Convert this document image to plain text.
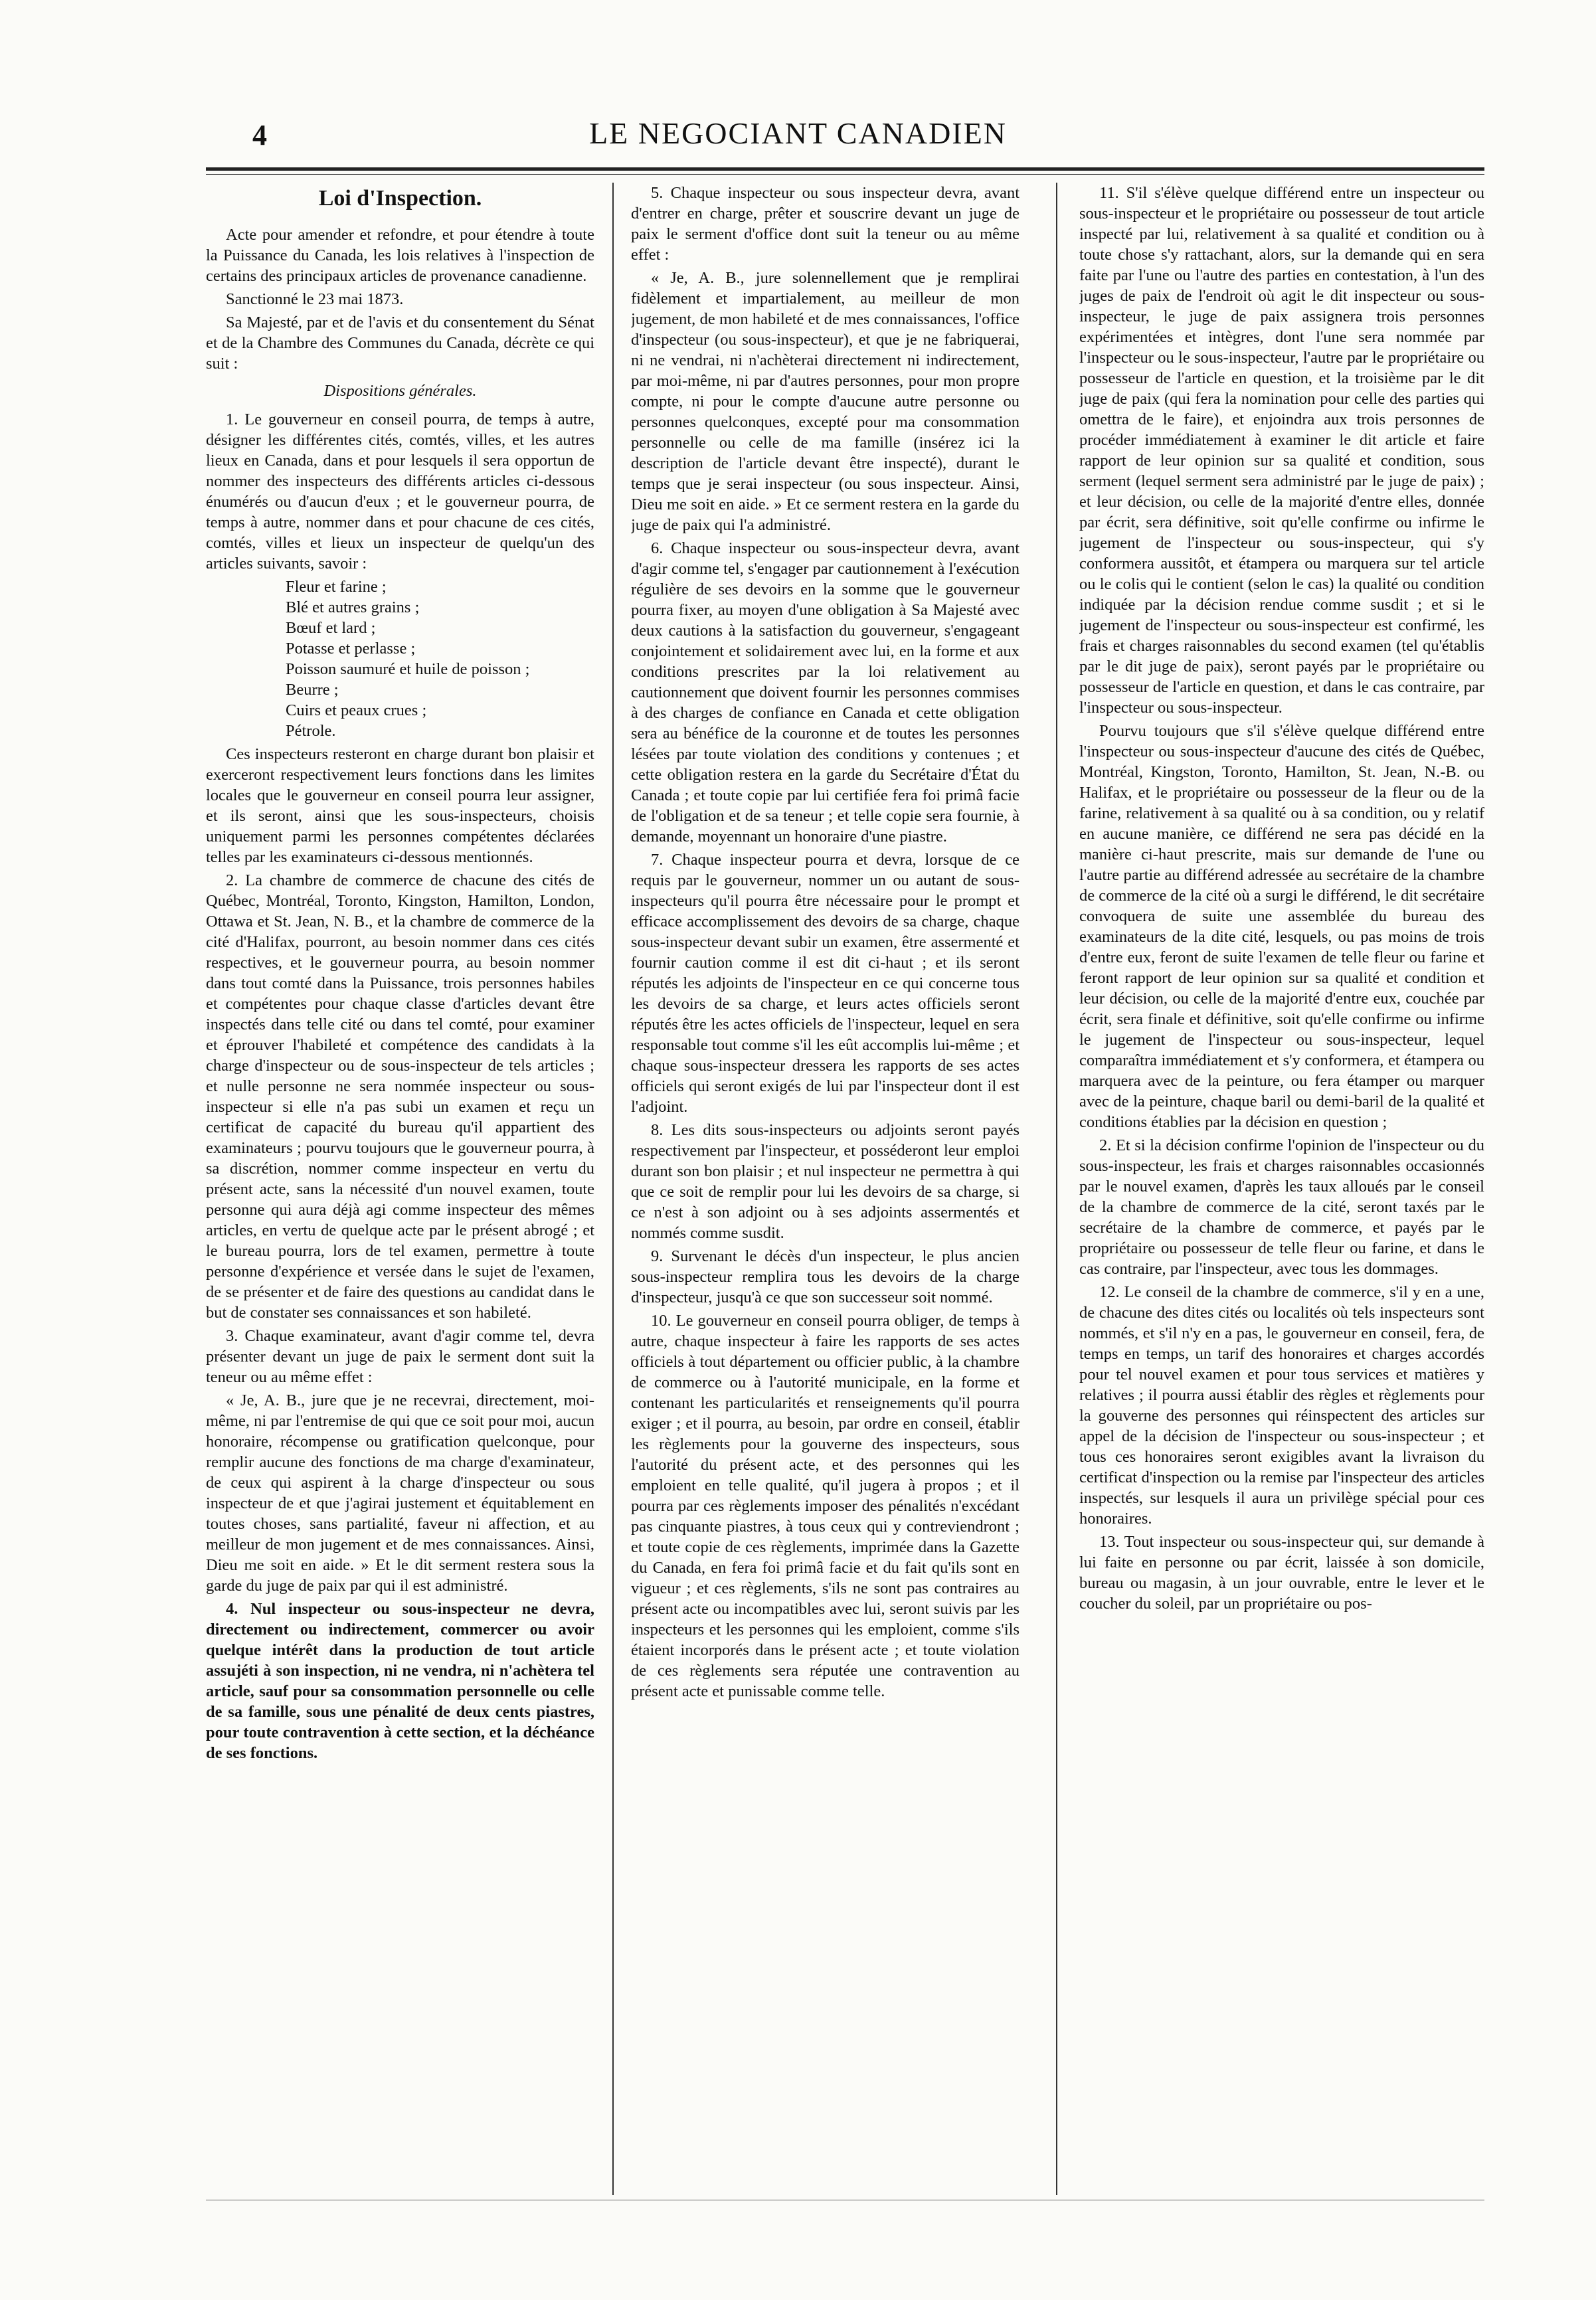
4	LE NEGOCIANT CANADIEN
Loi d'Inspection.

Acte pour amender et refondre, et pour étendre à toute la Puissance du Canada, les lois relatives à l'inspection de certains des principaux articles de provenance canadienne.

Sanctionné le 23 mai 1873.

Sa Majesté, par et de l'avis et du consentement du Sénat et de la Chambre des Communes du Canada, décrète ce qui suit :

Dispositions générales.

1. Le gouverneur en conseil pourra, de temps à autre, désigner les différentes cités, comtés, villes, et les autres lieux en Canada, dans et pour lesquels il sera opportun de nommer des inspecteurs des différents articles ci-dessous énumérés ou d'aucun d'eux ; et le gouverneur pourra, de temps à autre, nommer dans et pour chacune de ces cités, comtés, villes et lieux un inspecteur de quelqu'un des articles suivants, savoir :

Fleur et farine ;
Blé et autres grains ;
Bœuf et lard ;
Potasse et perlasse ;
Poisson saumuré et huile de poisson ;
Beurre ;
Cuirs et peaux crues ;
Pétrole.

Ces inspecteurs resteront en charge durant bon plaisir et exerceront respectivement leurs fonctions dans les limites locales que le gouverneur en conseil pourra leur assigner, et ils seront, ainsi que les sous-inspecteurs, choisis uniquement parmi les personnes compétentes déclarées telles par les examinateurs ci-dessous mentionnés.

2. La chambre de commerce de chacune des cités de Québec, Montréal, Toronto, Kingston, Hamilton, London, Ottawa et St. Jean, N. B., et la chambre de commerce de la cité d'Halifax, pourront, au besoin nommer dans ces cités respectives, et le gouverneur pourra, au besoin nommer dans tout comté dans la Puissance, trois personnes habiles et compétentes pour chaque classe d'articles devant être inspectés dans telle cité ou dans tel comté, pour examiner et éprouver l'habileté et compétence des candidats à la charge d'inspecteur ou de sous-inspecteur de tels articles ; et nulle personne ne sera nommée inspecteur ou sous-inspecteur si elle n'a pas subi un examen et reçu un certificat de capacité du bureau qu'il appartient des examinateurs ; pourvu toujours que le gouverneur pourra, à sa discrétion, nommer comme inspecteur en vertu du présent acte, sans la nécessité d'un nouvel examen, toute personne qui aura déjà agi comme inspecteur des mêmes articles, en vertu de quelque acte par le présent abrogé ; et le bureau pourra, lors de tel examen, permettre à toute personne d'expérience et versée dans le sujet de l'examen, de se présenter et de faire des questions au candidat dans le but de constater ses connaissances et son habileté.

3. Chaque examinateur, avant d'agir comme tel, devra présenter devant un juge de paix le serment dont suit la teneur ou au même effet :

« Je, A. B., jure que je ne recevrai, directement, moi-même, ni par l'entremise de qui que ce soit pour moi, aucun honoraire, récompense ou gratification quelconque, pour remplir aucune des fonctions de ma charge d'examinateur, de ceux qui aspirent à la charge d'inspecteur ou sous inspecteur de et que j'agirai justement et équitablement en toutes choses, sans partialité, faveur ni affection, et au meilleur de mon jugement et de mes connaissances. Ainsi, Dieu me soit en aide. » Et le dit serment restera sous la garde du juge de paix par qui il est administré.

4. Nul inspecteur ou sous-inspecteur ne devra, directement ou indirectement, commercer ou avoir quelque intérêt dans la production de tout article assujéti à son inspection, ni ne vendra, ni n'achètera tel article, sauf pour sa consommation personnelle ou celle de sa famille, sous une pénalité de deux cents piastres, pour toute contravention à cette section, et la déchéance de ses fonctions.

5. Chaque inspecteur ou sous inspecteur devra, avant d'entrer en charge, prêter et souscrire devant un juge de paix le serment d'office dont suit la teneur ou au même effet :

« Je, A. B., jure solennellement que je remplirai fidèlement et impartialement, au meilleur de mon jugement, de mon habileté et de mes connaissances, l'office d'inspecteur (ou sous-inspecteur), et que je ne fabriquerai, ni ne vendrai, ni n'achèterai directement ni indirectement, par moi-même, ni par d'autres personnes, pour mon propre compte, ni pour le compte d'aucune autre personne ou personnes quelconques, excepté pour ma consommation personnelle ou celle de ma famille (insérez ici la description de l'article devant être inspecté), durant le temps que je serai inspecteur (ou sous inspecteur. Ainsi, Dieu me soit en aide. » Et ce serment restera en la garde du juge de paix qui l'a administré.

6. Chaque inspecteur ou sous-inspecteur devra, avant d'agir comme tel, s'engager par cautionnement à l'exécution régulière de ses devoirs en la somme que le gouverneur pourra fixer, au moyen d'une obligation à Sa Majesté avec deux cautions à la satisfaction du gouverneur, s'engageant conjointement et solidairement avec lui, en la forme et aux conditions prescrites par la loi relativement au cautionnement que doivent fournir les personnes commises à des charges de confiance en Canada et cette obligation sera au bénéfice de la couronne et de toutes les personnes lésées par toute violation des conditions y contenues ; et cette obligation restera en la garde du Secrétaire d'État du Canada ; et toute copie par lui certifiée fera foi primâ facie de l'obligation et de sa teneur ; et telle copie sera fournie, à demande, moyennant un honoraire d'une piastre.

7. Chaque inspecteur pourra et devra, lorsque de ce requis par le gouverneur, nommer un ou autant de sous-inspecteurs qu'il pourra être nécessaire pour le prompt et efficace accomplissement des devoirs de sa charge, chaque sous-inspecteur devant subir un examen, être assermenté et fournir caution comme il est dit ci-haut ; et ils seront réputés les adjoints de l'inspecteur en ce qui concerne tous les devoirs de sa charge, et leurs actes officiels seront réputés être les actes officiels de l'inspecteur, lequel en sera responsable tout comme s'il les eût accomplis lui-même ; et chaque sous-inspecteur dressera les rapports de ses actes officiels qui seront exigés de lui par l'inspecteur dont il est l'adjoint.

8. Les dits sous-inspecteurs ou adjoints seront payés respectivement par l'inspecteur, et posséderont leur emploi durant son bon plaisir ; et nul inspecteur ne permettra à qui que ce soit de remplir pour lui les devoirs de sa charge, si ce n'est à son adjoint ou à ses adjoints assermentés et nommés comme susdit.

9. Survenant le décès d'un inspecteur, le plus ancien sous-inspecteur remplira tous les devoirs de la charge d'inspecteur, jusqu'à ce que son successeur soit nommé.

10. Le gouverneur en conseil pourra obliger, de temps à autre, chaque inspecteur à faire les rapports de ses actes officiels à tout département ou officier public, à la chambre de commerce ou à l'autorité municipale, en la forme et contenant les particularités et renseignements qu'il pourra exiger ; et il pourra, au besoin, par ordre en conseil, établir les règlements pour la gouverne des inspecteurs, sous l'autorité du présent acte, et des personnes qui les emploient en telle qualité, qu'il jugera à propos ; et il pourra par ces règlements imposer des pénalités n'excédant pas cinquante piastres, à tous ceux qui y contreviendront ; et toute copie de ces règlements, imprimée dans la Gazette du Canada, en fera foi primâ facie et du fait qu'ils sont en vigueur ; et ces règlements, s'ils ne sont pas contraires au présent acte ou incompatibles avec lui, seront suivis par les inspecteurs et les personnes qui les emploient, comme s'ils étaient incorporés dans le présent acte ; et toute violation de ces règlements sera réputée une contravention au présent acte et punissable comme telle.

11. S'il s'élève quelque différend entre un inspecteur ou sous-inspecteur et le propriétaire ou possesseur de tout article inspecté par lui, relativement à sa qualité et condition ou à toute chose s'y rattachant, alors, sur la demande qui en sera faite par l'une ou l'autre des parties en contestation, à l'un des juges de paix de l'endroit où agit le dit inspecteur ou sous-inspecteur, le juge de paix assignera trois personnes expérimentées et intègres, dont l'une sera nommée par l'inspecteur ou le sous-inspecteur, l'autre par le propriétaire ou possesseur de l'article en question, et la troisième par le dit juge de paix (qui fera la nomination pour celle des parties qui omettra de le faire), et enjoindra aux trois personnes de procéder immédiatement à examiner le dit article et faire rapport de leur opinion sur sa qualité et condition, sous serment (lequel serment sera administré par le juge de paix) ; et leur décision, ou celle de la majorité d'entre elles, donnée par écrit, sera définitive, soit qu'elle confirme ou infirme le jugement de l'inspecteur ou sous-inspecteur, qui s'y conformera aussitôt, et étampera ou marquera sur tel article ou le colis qui le contient (selon le cas) la qualité ou condition indiquée par la décision rendue comme susdit ; et si le jugement de l'inspecteur ou sous-inspecteur est confirmé, les frais et charges raisonnables du second examen (tel qu'établis par le dit juge de paix), seront payés par le propriétaire ou possesseur de l'article en question, et dans le cas contraire, par l'inspecteur ou sous-inspecteur.

Pourvu toujours que s'il s'élève quelque différend entre l'inspecteur ou sous-inspecteur d'aucune des cités de Québec, Montréal, Kingston, Toronto, Hamilton, St. Jean, N.-B. ou Halifax, et le propriétaire ou possesseur de la fleur ou de la farine, relativement à sa qualité ou à sa condition, ou y relatif en aucune manière, ce différend ne sera pas décidé en la manière ci-haut prescrite, mais sur demande de l'une ou l'autre partie au différend adressée au secrétaire de la chambre de commerce de la cité où a surgi le différend, le dit secrétaire convoquera de suite une assemblée du bureau des examinateurs de la dite cité, lesquels, ou pas moins de trois d'entre eux, feront de suite l'examen de telle fleur ou farine et feront rapport de leur opinion sur sa qualité et condition et leur décision, ou celle de la majorité d'entre eux, couchée par écrit, sera finale et définitive, soit qu'elle confirme ou infirme le jugement de l'inspecteur ou sous-inspecteur, lequel comparaîtra immédiatement et s'y conformera, et étampera ou marquera avec de la peinture, ou fera étamper ou marquer avec de la peinture, chaque baril ou demi-baril de la qualité et conditions établies par la décision en question ;

2. Et si la décision confirme l'opinion de l'inspecteur ou du sous-inspecteur, les frais et charges raisonnables occasionnés par le nouvel examen, d'après les taux alloués par le conseil de la chambre de commerce de la cité, seront taxés par le secrétaire de la chambre de commerce, et payés par le propriétaire ou possesseur de telle fleur ou farine, et dans le cas contraire, par l'inspecteur, avec tous les dommages.

12. Le conseil de la chambre de commerce, s'il y en a une, de chacune des dites cités ou localités où tels inspecteurs sont nommés, et s'il n'y en a pas, le gouverneur en conseil, fera, de temps en temps, un tarif des honoraires et charges accordés pour tel nouvel examen et pour tous services et matières y relatives ; il pourra aussi établir des règles et règlements pour la gouverne des personnes qui réinspectent des articles sur appel de la décision de l'inspecteur ou sous-inspecteur ; et tous ces honoraires seront exigibles avant la livraison du certificat d'inspection ou la remise par l'inspecteur des articles inspectés, sur lesquels il aura un privilège spécial pour ces honoraires.

13. Tout inspecteur ou sous-inspecteur qui, sur demande à lui faite en personne ou par écrit, laissée à son domicile, bureau ou magasin, à un jour ouvrable, entre le lever et le coucher du soleil, par un propriétaire ou pos-
